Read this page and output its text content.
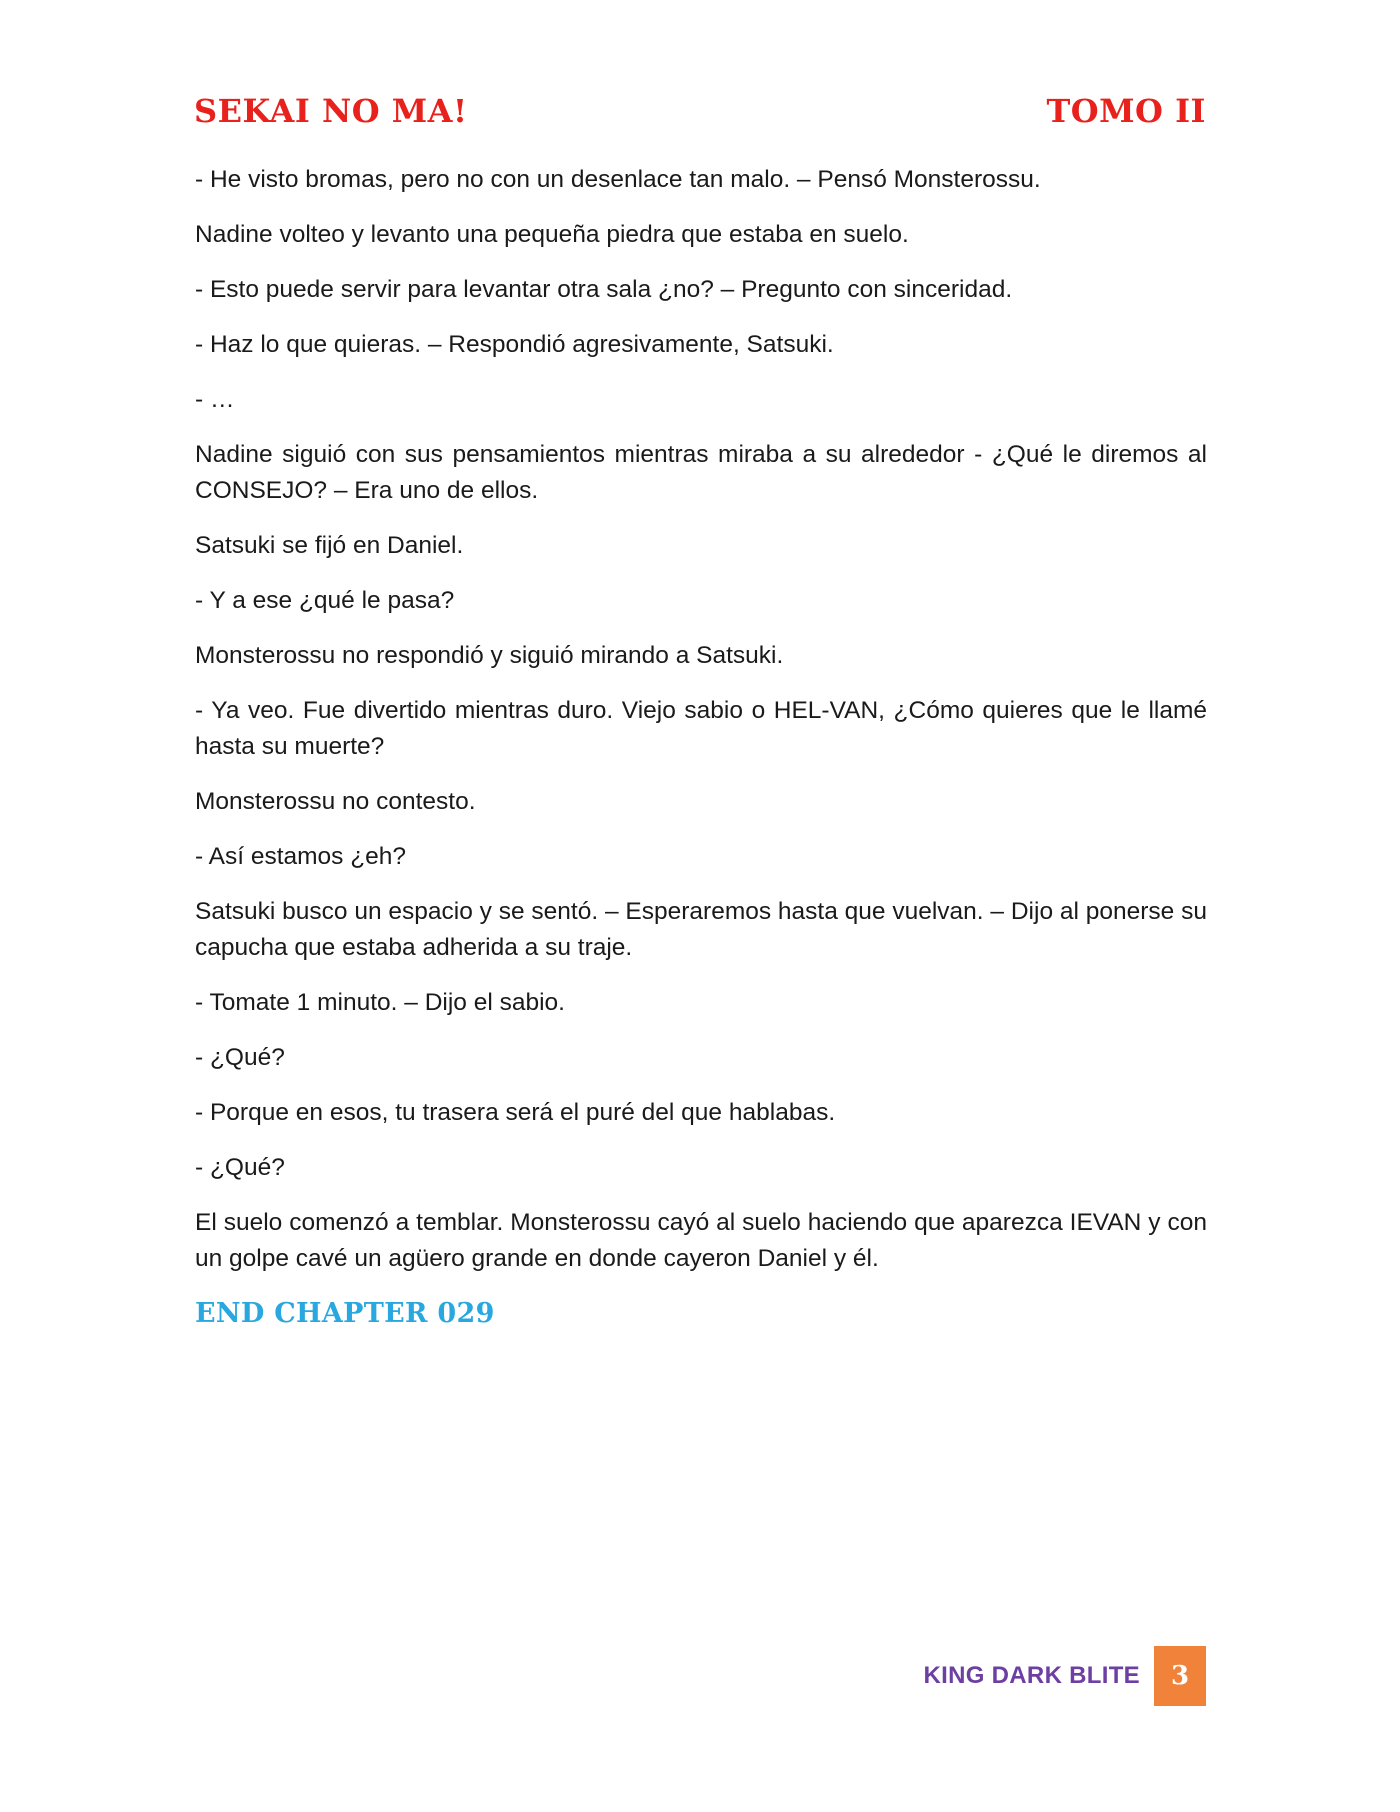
SEKAI NO MA!	TOMO II

- He visto bromas, pero no con un desenlace tan malo. – Pensó Monsterossu.

Nadine volteo y levanto una pequeña piedra que estaba en suelo.

- Esto puede servir para levantar otra sala ¿no? – Pregunto con sinceridad.

- Haz lo que quieras. – Respondió agresivamente, Satsuki.

- …

Nadine siguió con sus pensamientos mientras miraba a su alrededor - ¿Qué le diremos al CONSEJO? – Era uno de ellos.

Satsuki se fijó en Daniel.

- Y a ese ¿qué le pasa?

Monsterossu no respondió y siguió mirando a Satsuki.

- Ya veo. Fue divertido mientras duro. Viejo sabio o HEL-VAN, ¿Cómo quieres que le llamé hasta su muerte?

Monsterossu no contesto.

- Así estamos ¿eh?

Satsuki busco un espacio y se sentó. – Esperaremos hasta que vuelvan. – Dijo al ponerse su capucha que estaba adherida a su traje.

- Tomate 1 minuto. – Dijo el sabio.

- ¿Qué?

- Porque en esos, tu trasera será el puré del que hablabas.

- ¿Qué?

El suelo comenzó a temblar. Monsterossu cayó al suelo haciendo que aparezca IEVAN y con un golpe cavé un agüero grande en donde cayeron Daniel y él.

END CHAPTER 029
KING DARK BLITE	3
